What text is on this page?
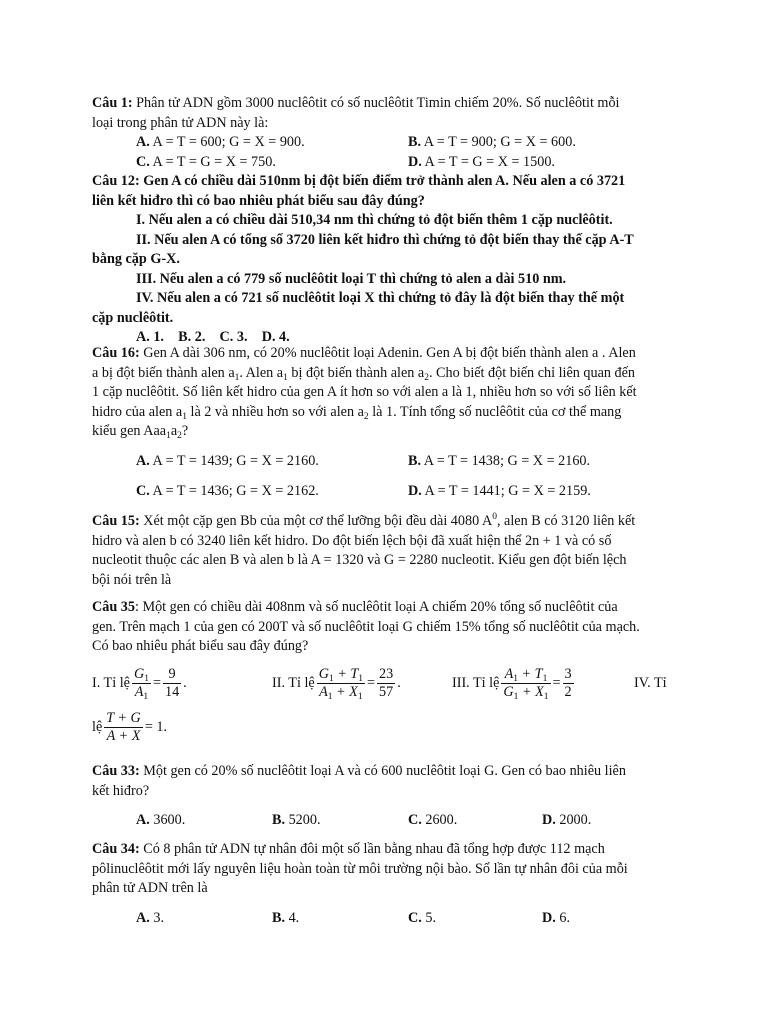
Câu 1: Phân tử ADN gồm 3000 nuclêôtit có số nuclêôtit Timin chiếm 20%. Số nuclêôtit mỗi

loại trong phân tử ADN này là:

A. A = T = 600; G = X = 900.	B. A = T = 900; G = X = 600.
C. A = T = G = X = 750.	D. A = T = G = X = 1500.

Câu 12: Gen A có chiều dài 510nm bị đột biến điểm trở thành alen A. Nếu alen a có 3721

liên kết hiđro thì có bao nhiêu phát biểu sau đây đúng?

I. Nếu alen a có chiều dài 510,34 nm thì chứng tỏ đột biến thêm 1 cặp nuclêôtit.

II. Nếu alen A có tổng số 3720 liên kết hiđro thì chứng tỏ đột biến thay thế cặp A-T

bằng cặp G-X.

III. Nếu alen a có 779 số nuclêôtit loại T thì chứng tỏ alen a dài 510 nm.

IV. Nếu alen a có 721 số nuclêôtit loại X thì chứng tỏ đây là đột biến thay thế một

cặp nuclêôtit.

A. 1.    B. 2.    C. 3.    D. 4.

Câu 16: Gen A dài 306 nm, có 20% nuclêôtit loại Adenin. Gen A bị đột biến thành alen a . Alen

a bị đột biến thành alen $a_1$. Alen $a_1$ bị đột biến thành alen $a_2$. Cho biết đột biến chỉ liên quan đến

1 cặp nuclêôtit. Số liên kết hidro của gen A ít hơn so với alen a là 1, nhiều hơn so với số liên kết

hidro của alen $a_1$ là 2 và nhiều hơn so với alen $a_2$ là 1. Tính tổng số nuclêôtit của cơ thể mang

kiểu gen $Aaa_1a_2$?

A. A = T = 1439; G = X = 2160.	B. A = T = 1438; G = X = 2160.
C. A = T = 1436; G = X = 2162.	D. A = T = 1441; G = X = 2159.

Câu 15: Xét một cặp gen Bb của một cơ thể lưỡng bội đều dài 4080 $A^0$, alen B có 3120 liên kết

hidro và alen b có 3240 liên kết hidro. Do đột biến lệch bội đã xuất hiện thể 2n + 1 và có số

nucleotit thuộc các alen B và alen b là A = 1320 và G = 2280 nucleotit. Kiểu gen đột biến lệch

bội nói trên là

Câu 35: Một gen có chiều dài 408nm và số nuclêôtit loại A chiếm 20% tổng số nuclêôtit của

gen. Trên mạch 1 của gen có 200T và số nuclêôtit loại G chiếm 15% tổng số nuclêôtit của mạch.

Có bao nhiêu phát biểu sau đây đúng?

I. Tỉ lệ $\frac{G_1}{A_1} = \frac{9}{14}$ .	II. Tỉ lệ $\frac{G_1 + T_1}{A_1 + X_1} = \frac{23}{57}$ .	III. Tỉ lệ $\frac{A_1 + T_1}{G_1 + X_1} = \frac{3}{2}$	IV. Tỉ
lệ $\frac{T + G}{A + X} = 1$.

Câu 33: Một gen có 20% số nuclêôtit loại A và có 600 nuclêôtit loại G. Gen có bao nhiêu liên

kết hiđro?

A. 3600.	B. 5200.	C. 2600.	D. 2000.

Câu 34: Có 8 phân tử ADN tự nhân đôi một số lần bằng nhau đã tổng hợp được 112 mạch

pôlinuclêôtit mới lấy nguyên liệu hoàn toàn từ môi trường nội bào. Số lần tự nhân đôi của mỗi

phân tử ADN trên là

A. 3.	B. 4.	C. 5.	D. 6.
